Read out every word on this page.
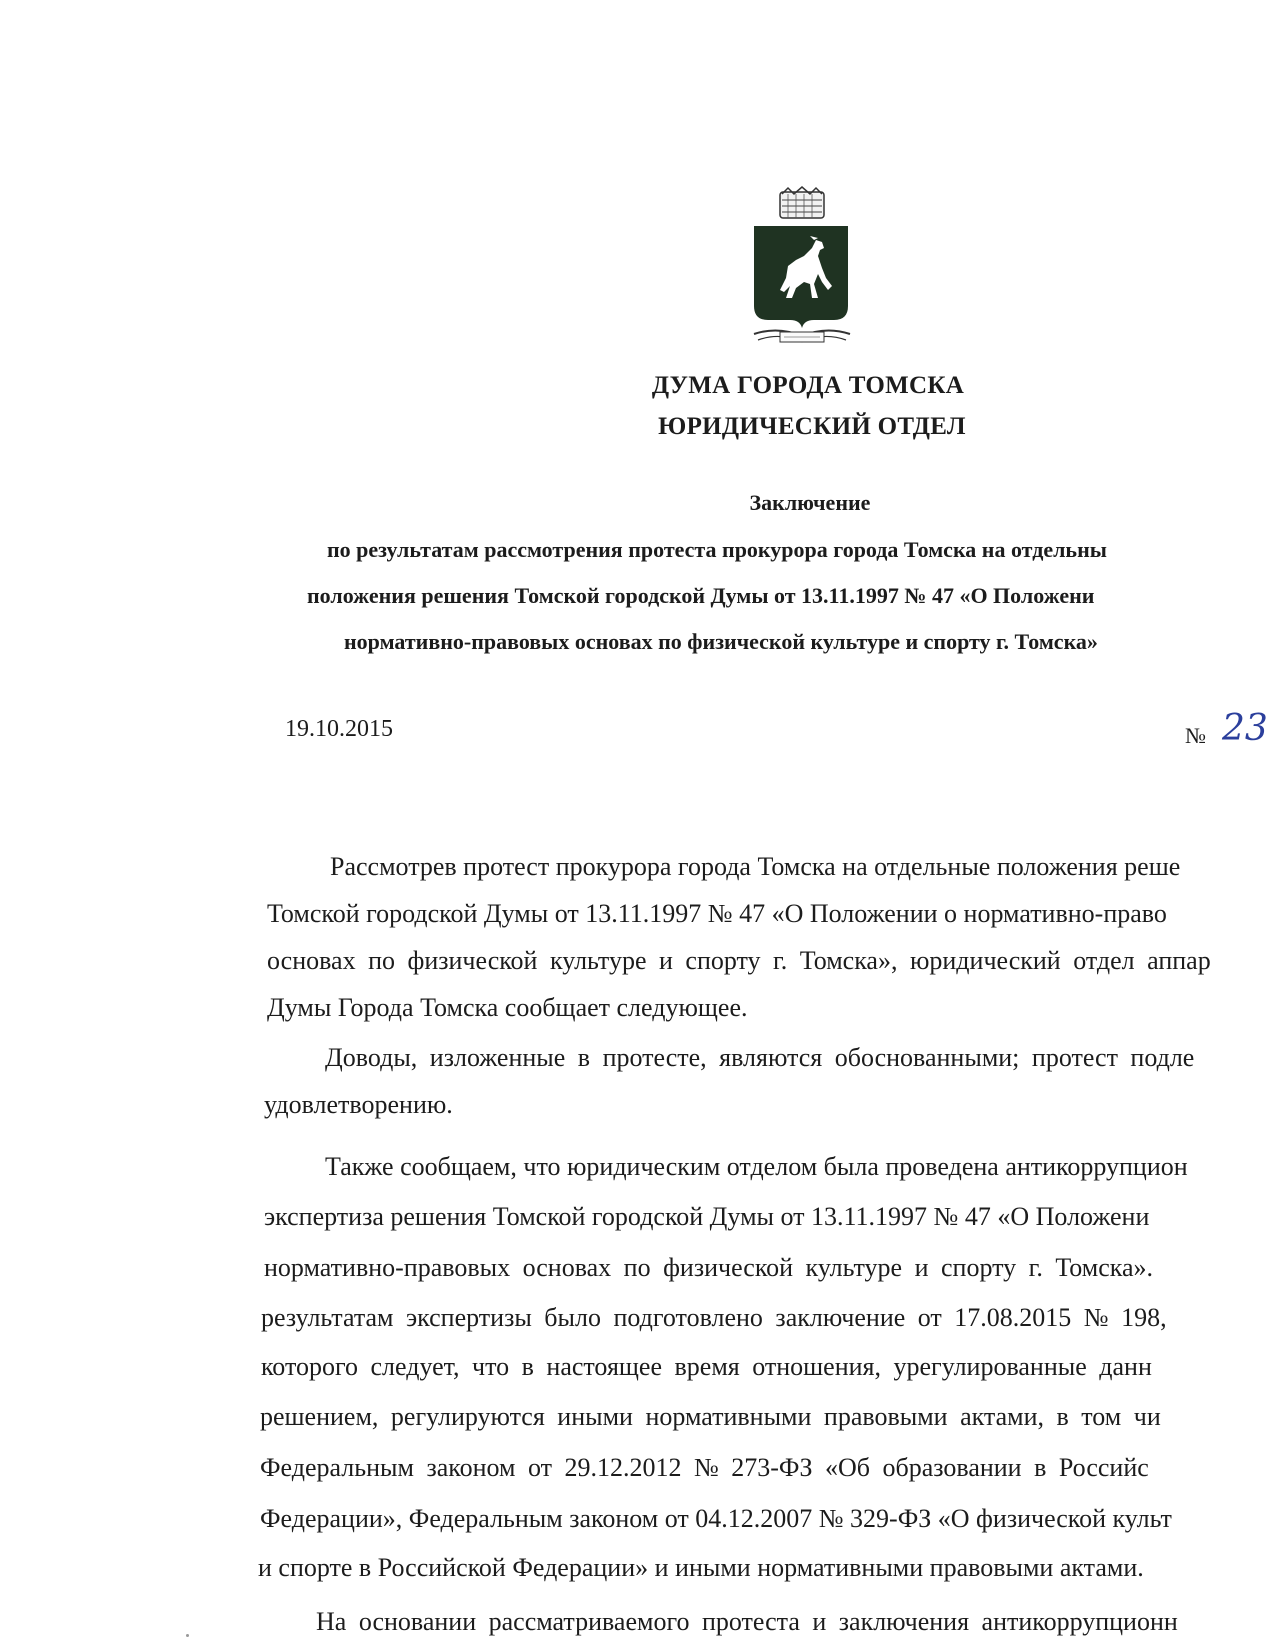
ДУМА ГОРОДА ТОМСКА
ЮРИДИЧЕСКИЙ ОТДЕЛ
Заключение
по результатам рассмотрения протеста прокурора города Томска на отдельны
положения решения Томской городской Думы от 13.11.1997 № 47 «О Положени
нормативно-правовых основах по физической культуре и спорту г. Томска»
19.10.2015	№ 23
Рассмотрев протест прокурора города Томска на отдельные положения реше
Томской городской Думы от 13.11.1997 № 47 «О Положении о нормативно-право
основах по физической культуре и спорту г. Томска», юридический отдел аппар
Думы Города Томска сообщает следующее.
Доводы, изложенные в протесте, являются обоснованными; протест подле
удовлетворению.
Также сообщаем, что юридическим отделом была проведена антикоррупцион
экспертиза решения Томской городской Думы от 13.11.1997 № 47 «О Положени
нормативно-правовых основах по физической культуре и спорту г. Томска».
результатам экспертизы было подготовлено заключение от 17.08.2015 № 198,
которого следует, что в настоящее время отношения, урегулированные данн
решением, регулируются иными нормативными правовыми актами, в том чи
Федеральным законом от 29.12.2012 № 273-ФЗ «Об образовании в Российс
Федерации», Федеральным законом от 04.12.2007 № 329-ФЗ «О физической культ
и спорте в Российской Федерации» и иными нормативными правовыми актами.
На основании рассматриваемого протеста и заключения антикоррупционн
